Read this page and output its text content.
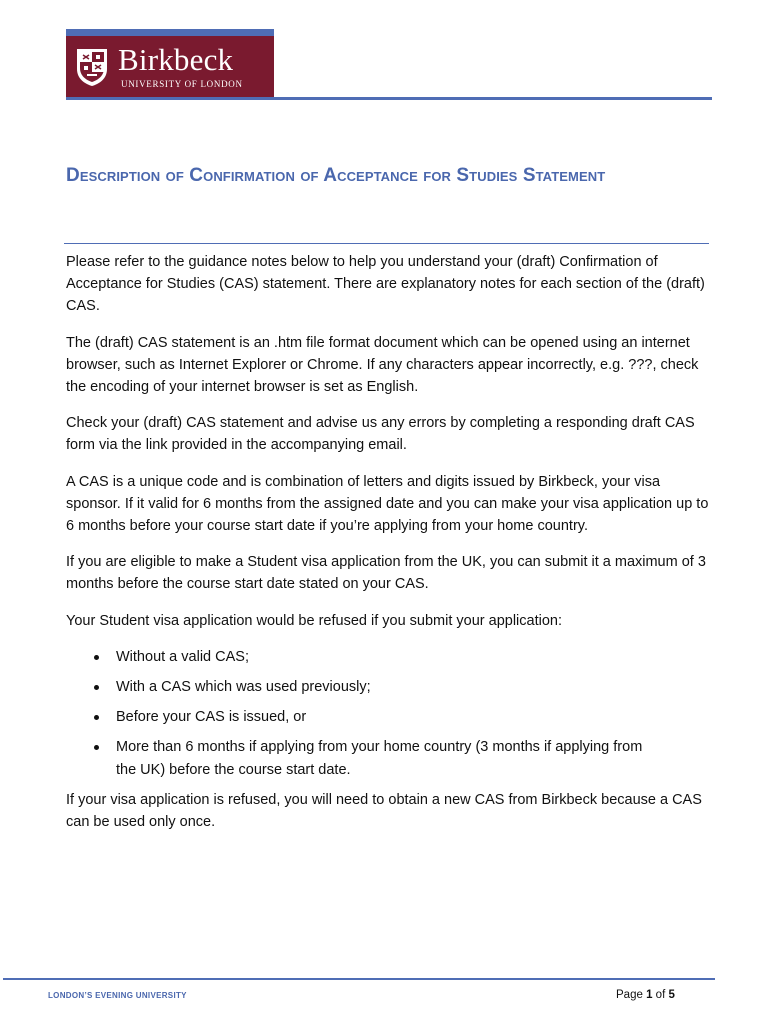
Birkbeck
UNIVERSITY OF LONDON
Description of Confirmation of Acceptance for Studies Statement

Please refer to the guidance notes below to help you understand your (draft) Confirmation of Acceptance for Studies (CAS) statement. There are explanatory notes for each section of the (draft) CAS.

The (draft) CAS statement is an .htm file format document which can be opened using an internet browser, such as Internet Explorer or Chrome. If any characters appear incorrectly, e.g. ???, check the encoding of your internet browser is set as English.

Check your (draft) CAS statement and advise us any errors by completing a responding draft CAS form via the link provided in the accompanying email.

A CAS is a unique code and is combination of letters and digits issued by Birkbeck, your visa sponsor. If it valid for 6 months from the assigned date and you can make your visa application up to 6 months before your course start date if you’re applying from your home country.

If you are eligible to make a Student visa application from the UK, you can submit it a maximum of 3 months before the course start date stated on your CAS.

Your Student visa application would be refused if you submit your application:

Without a valid CAS;
With a CAS which was used previously;
Before your CAS is issued, or
More than 6 months if applying from your home country (3 months if applying from the UK) before the course start date.

If your visa application is refused, you will need to obtain a new CAS from Birkbeck because a CAS can be used only once.

LONDON’S EVENING UNIVERSITY	Page 1 of 5
